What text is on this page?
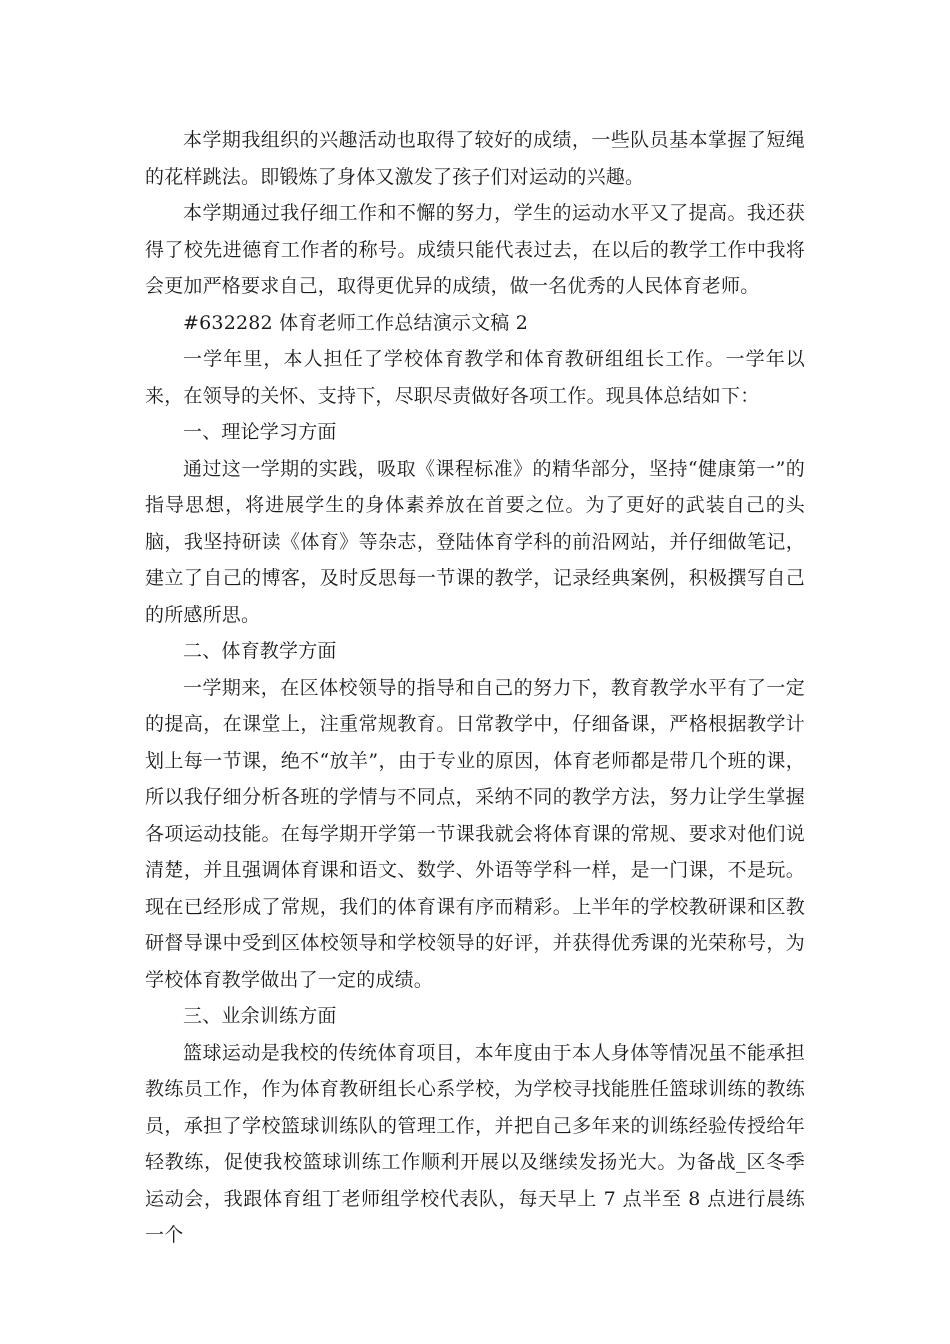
本学期我组织的兴趣活动也取得了较好的成绩，一些队员基本掌握了短绳的花样跳法。即锻炼了身体又激发了孩子们对运动的兴趣。

本学期通过我仔细工作和不懈的努力，学生的运动水平又了提高。我还获得了校先进德育工作者的称号。成绩只能代表过去，在以后的教学工作中我将会更加严格要求自己，取得更优异的成绩，做一名优秀的人民体育老师。

#632282 体育老师工作总结演示文稿 2

一学年里，本人担任了学校体育教学和体育教研组组长工作。一学年以来，在领导的关怀、支持下，尽职尽责做好各项工作。现具体总结如下：

一、理论学习方面

通过这一学期的实践，吸取《课程标准》的精华部分，坚持“健康第一”的指导思想，将进展学生的身体素养放在首要之位。为了更好的武装自己的头脑，我坚持研读《体育》等杂志，登陆体育学科的前沿网站，并仔细做笔记，建立了自己的博客，及时反思每一节课的教学，记录经典案例，积极撰写自己的所感所思。

二、体育教学方面

一学期来，在区体校领导的指导和自己的努力下，教育教学水平有了一定的提高，在课堂上，注重常规教育。日常教学中，仔细备课，严格根据教学计划上每一节课，绝不“放羊”，由于专业的原因，体育老师都是带几个班的课，所以我仔细分析各班的学情与不同点，采纳不同的教学方法，努力让学生掌握各项运动技能。在每学期开学第一节课我就会将体育课的常规、要求对他们说清楚，并且强调体育课和语文、数学、外语等学科一样，是一门课，不是玩。现在已经形成了常规，我们的体育课有序而精彩。上半年的学校教研课和区教研督导课中受到区体校领导和学校领导的好评，并获得优秀课的光荣称号，为学校体育教学做出了一定的成绩。

三、业余训练方面

篮球运动是我校的传统体育项目，本年度由于本人身体等情况虽不能承担教练员工作，作为体育教研组长心系学校，为学校寻找能胜任篮球训练的教练员，承担了学校篮球训练队的管理工作，并把自己多年来的训练经验传授给年轻教练，促使我校篮球训练工作顺利开展以及继续发扬光大。为备战_区冬季运动会，我跟体育组丁老师组学校代表队，每天早上 7 点半至 8 点进行晨练一个
